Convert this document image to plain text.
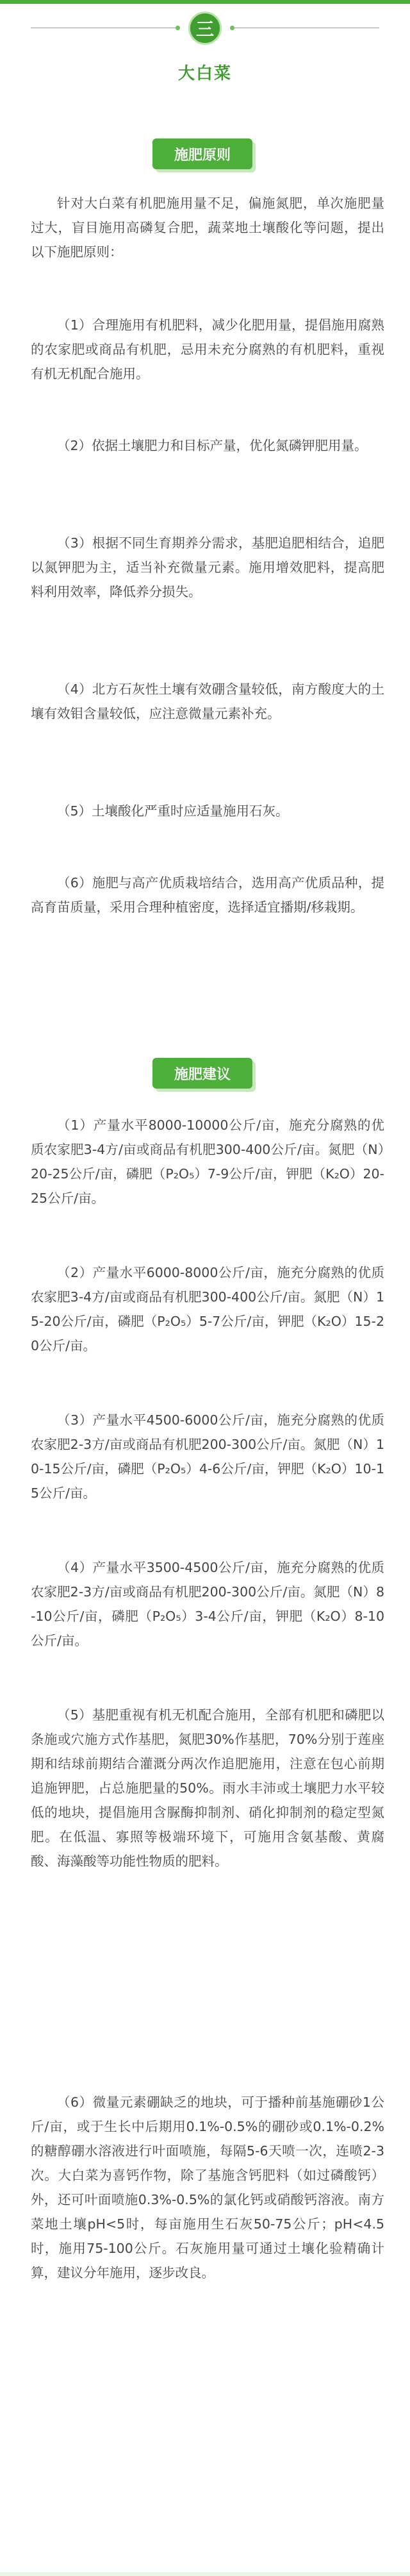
三
大白菜
施肥原则

针对大白菜有机肥施用量不足，偏施氮肥，单次施肥量过大，盲目施用高磷复合肥，蔬菜地土壤酸化等问题，提出以下施肥原则：

（1）合理施用有机肥料，减少化肥用量，提倡施用腐熟的农家肥或商品有机肥，忌用未充分腐熟的有机肥料，重视有机无机配合施用。

（2）依据土壤肥力和目标产量，优化氮磷钾肥用量。

（3）根据不同生育期养分需求，基肥追肥相结合，追肥以氮钾肥为主，适当补充微量元素。施用增效肥料，提高肥料利用效率，降低养分损失。

（4）北方石灰性土壤有效硼含量较低，南方酸度大的土壤有效钼含量较低，应注意微量元素补充。

（5）土壤酸化严重时应适量施用石灰。

（6）施肥与高产优质栽培结合，选用高产优质品种，提高育苗质量，采用合理种植密度，选择适宜播期/移栽期。

施肥建议

（1）产量水平8000-10000公斤/亩，施充分腐熟的优质农家肥3-4方/亩或商品有机肥300-400公斤/亩。氮肥（N）20-25公斤/亩，磷肥（P₂O₅）7-9公斤/亩，钾肥（K₂O）20-25公斤/亩。

（2）产量水平6000-8000公斤/亩，施充分腐熟的优质农家肥3-4方/亩或商品有机肥300-400公斤/亩。氮肥（N）15-20公斤/亩，磷肥（P₂O₅）5-7公斤/亩，钾肥（K₂O）15-20公斤/亩。

（3）产量水平4500-6000公斤/亩，施充分腐熟的优质农家肥2-3方/亩或商品有机肥200-300公斤/亩。氮肥（N）10-15公斤/亩，磷肥（P₂O₅）4-6公斤/亩，钾肥（K₂O）10-15公斤/亩。

（4）产量水平3500-4500公斤/亩，施充分腐熟的优质农家肥2-3方/亩或商品有机肥200-300公斤/亩。氮肥（N）8-10公斤/亩，磷肥（P₂O₅）3-4公斤/亩，钾肥（K₂O）8-10公斤/亩。

（5）基肥重视有机无机配合施用，全部有机肥和磷肥以条施或穴施方式作基肥，氮肥30%作基肥，70%分别于莲座期和结球前期结合灌溉分两次作追肥施用，注意在包心前期追施钾肥，占总施肥量的50%。雨水丰沛或土壤肥力水平较低的地块，提倡施用含脲酶抑制剂、硝化抑制剂的稳定型氮肥。在低温、寡照等极端环境下，可施用含氨基酸、黄腐酸、海藻酸等功能性物质的肥料。

（6）微量元素硼缺乏的地块，可于播种前基施硼砂1公斤/亩，或于生长中后期用0.1%-0.5%的硼砂或0.1%-0.2%的糖醇硼水溶液进行叶面喷施，每隔5-6天喷一次，连喷2-3次。大白菜为喜钙作物，除了基施含钙肥料（如过磷酸钙）外，还可叶面喷施0.3%-0.5%的氯化钙或硝酸钙溶液。南方菜地土壤pH<5时，每亩施用生石灰50-75公斤；pH<4.5时，施用75-100公斤。石灰施用量可通过土壤化验精确计算，建议分年施用，逐步改良。
